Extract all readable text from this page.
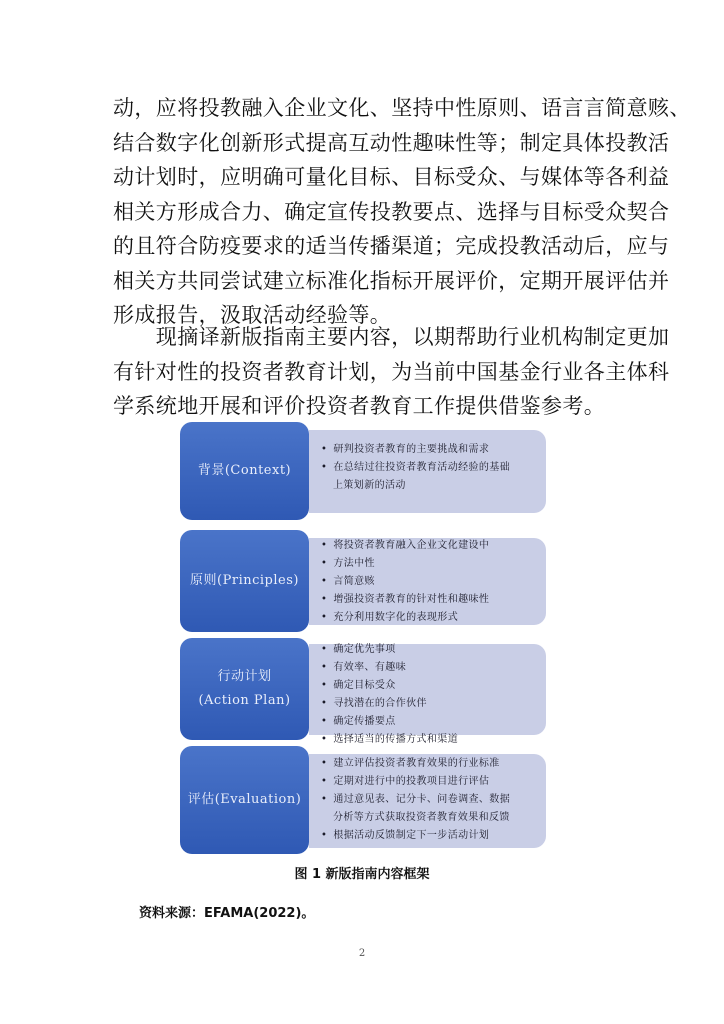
动，应将投教融入企业文化、坚持中性原则、语言言简意赅、
结合数字化创新形式提高互动性趣味性等；制定具体投教活
动计划时，应明确可量化目标、目标受众、与媒体等各利益
相关方形成合力、确定宣传投教要点、选择与目标受众契合
的且符合防疫要求的适当传播渠道；完成投教活动后，应与
相关方共同尝试建立标准化指标开展评价，定期开展评估并
形成报告，汲取活动经验等。

　　现摘译新版指南主要内容，以期帮助行业机构制定更加
有针对性的投资者教育计划，为当前中国基金行业各主体科
学系统地开展和评价投资者教育工作提供借鉴参考。

背景(Context)
• 研判投资者教育的主要挑战和需求
• 在总结过往投资者教育活动经验的基础
上策划新的活动
原则(Principles)
• 将投资者教育融入企业文化建设中
• 方法中性
• 言简意赅
• 增强投资者教育的针对性和趣味性
• 充分利用数字化的表现形式
行动计划
(Action Plan)
• 确定优先事项
• 有效率、有趣味
• 确定目标受众
• 寻找潜在的合作伙伴
• 确定传播要点
• 选择适当的传播方式和渠道
评估(Evaluation)
• 建立评估投资者教育效果的行业标准
• 定期对进行中的投教项目进行评估
• 通过意见表、记分卡、问卷调查、数据
分析等方式获取投资者教育效果和反馈
• 根据活动反馈制定下一步活动计划
图 1 新版指南内容框架
资料来源：EFAMA(2022)。
2
